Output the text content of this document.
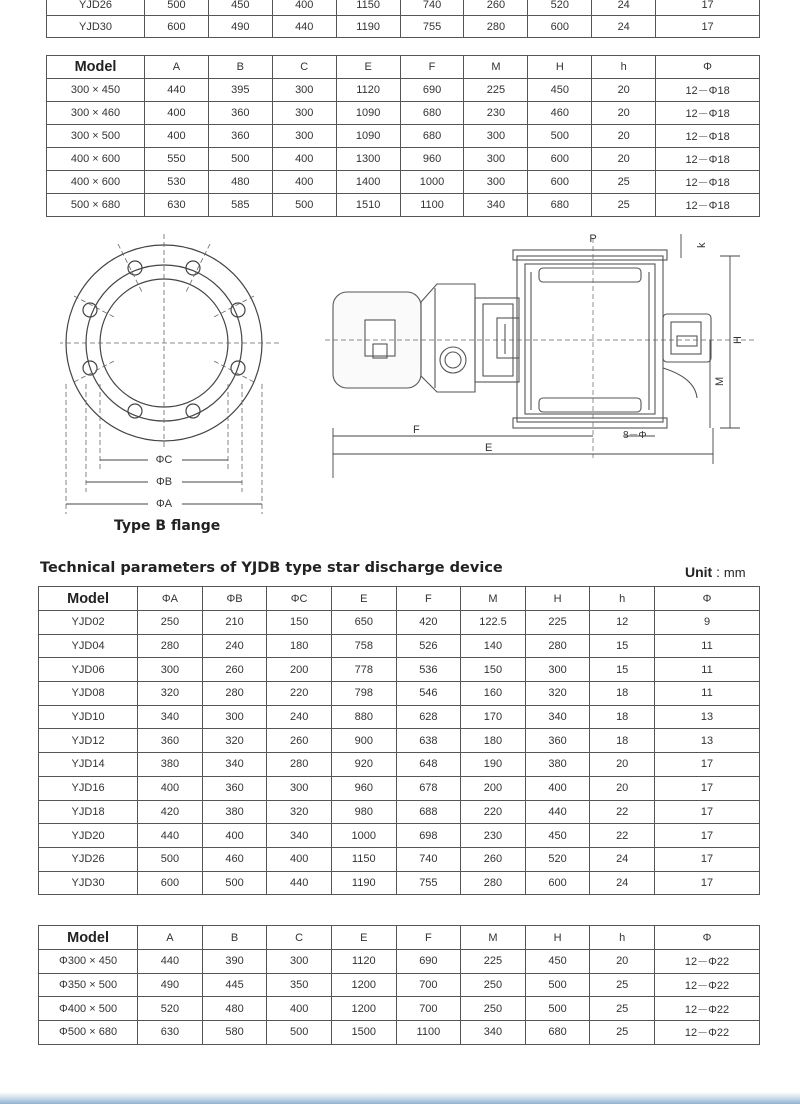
YJD26	500	450	400	1150	740	260	520	24	17
YJD30	600	490	440	1190	755	280	600	24	17
Model	A	B	C	E	F	M	H	h	Φ
300 × 450	440	395	300	1120	690	225	450	20	12－Φ18
300 × 460	400	360	300	1090	680	230	460	20	12－Φ18
300 × 500	400	360	300	1090	680	300	500	20	12－Φ18
400 × 600	550	500	400	1300	960	300	600	20	12－Φ18
400 × 600	530	480	400	1400	1000	300	600	25	12－Φ18
500 × 680	630	585	500	1510	1100	340	680	25	12－Φ18
ΦC
ΦB
ΦA
Type B flange
P
k
H
M
F
E
8－Φ
Technical parameters of YJDB type star discharge device	Unit : mm
Model	ΦA	ΦB	ΦC	E	F	M	H	h	Φ
YJD02	250	210	150	650	420	122.5	225	12	9
YJD04	280	240	180	758	526	140	280	15	11
YJD06	300	260	200	778	536	150	300	15	11
YJD08	320	280	220	798	546	160	320	18	11
YJD10	340	300	240	880	628	170	340	18	13
YJD12	360	320	260	900	638	180	360	18	13
YJD14	380	340	280	920	648	190	380	20	17
YJD16	400	360	300	960	678	200	400	20	17
YJD18	420	380	320	980	688	220	440	22	17
YJD20	440	400	340	1000	698	230	450	22	17
YJD26	500	460	400	1150	740	260	520	24	17
YJD30	600	500	440	1190	755	280	600	24	17
Model	A	B	C	E	F	M	H	h	Φ
Φ300 × 450	440	390	300	1120	690	225	450	20	12－Φ22
Φ350 × 500	490	445	350	1200	700	250	500	25	12－Φ22
Φ400 × 500	520	480	400	1200	700	250	500	25	12－Φ22
Φ500 × 680	630	580	500	1500	1100	340	680	25	12－Φ22
